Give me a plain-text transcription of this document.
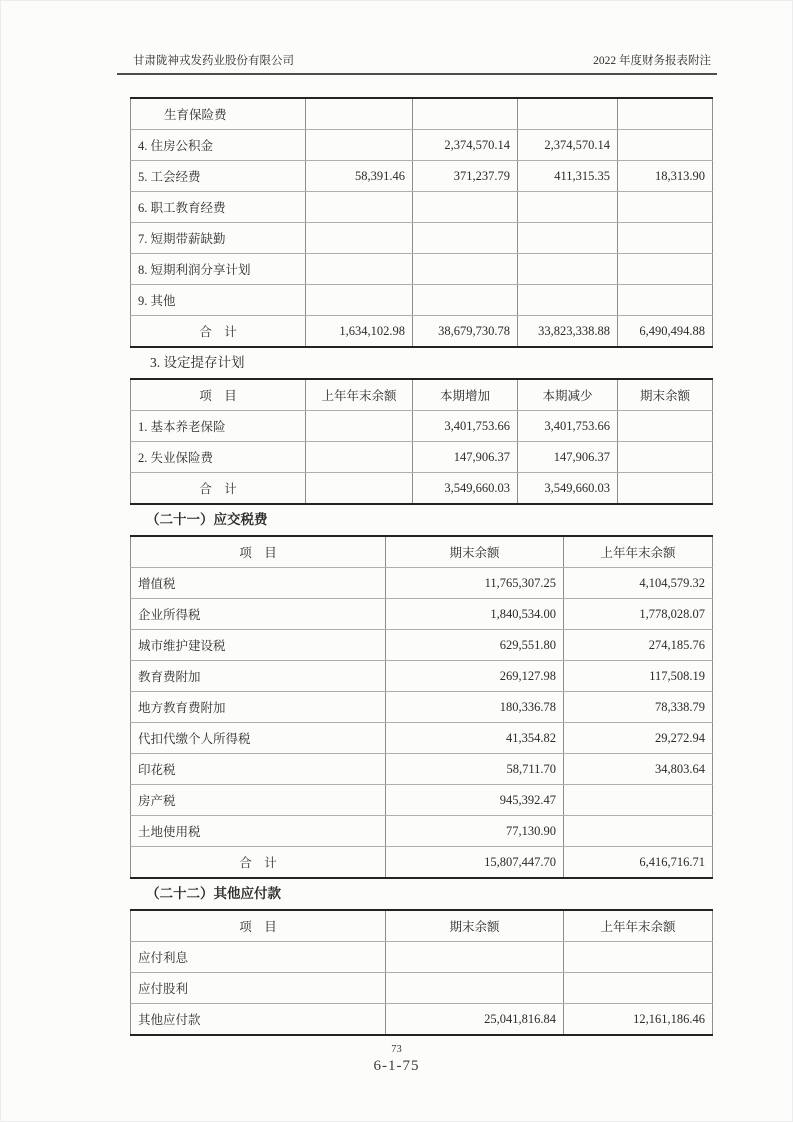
甘肃陇神戎发药业股份有限公司	2022 年度财务报表附注
生育保险费				
4. 住房公积金		2,374,570.14	2,374,570.14	
5. 工会经费	58,391.46	371,237.79	411,315.35	18,313.90
6. 职工教育经费				
7. 短期带薪缺勤				
8. 短期利润分享计划				
9. 其他				
合　计	1,634,102.98	38,679,730.78	33,823,338.88	6,490,494.88
3. 设定提存计划
项　目	上年年末余额	本期增加	本期减少	期末余额
1. 基本养老保险		3,401,753.66	3,401,753.66	
2. 失业保险费		147,906.37	147,906.37	
合　计		3,549,660.03	3,549,660.03	
（二十一）应交税费
项　目	期末余额	上年年末余额
增值税	11,765,307.25	4,104,579.32
企业所得税	1,840,534.00	1,778,028.07
城市维护建设税	629,551.80	274,185.76
教育费附加	269,127.98	117,508.19
地方教育费附加	180,336.78	78,338.79
代扣代缴个人所得税	41,354.82	29,272.94
印花税	58,711.70	34,803.64
房产税	945,392.47	
土地使用税	77,130.90	
合　计	15,807,447.70	6,416,716.71
（二十二）其他应付款
项　目	期末余额	上年年末余额
应付利息		
应付股利		
其他应付款	25,041,816.84	12,161,186.46
73
6-1-75
